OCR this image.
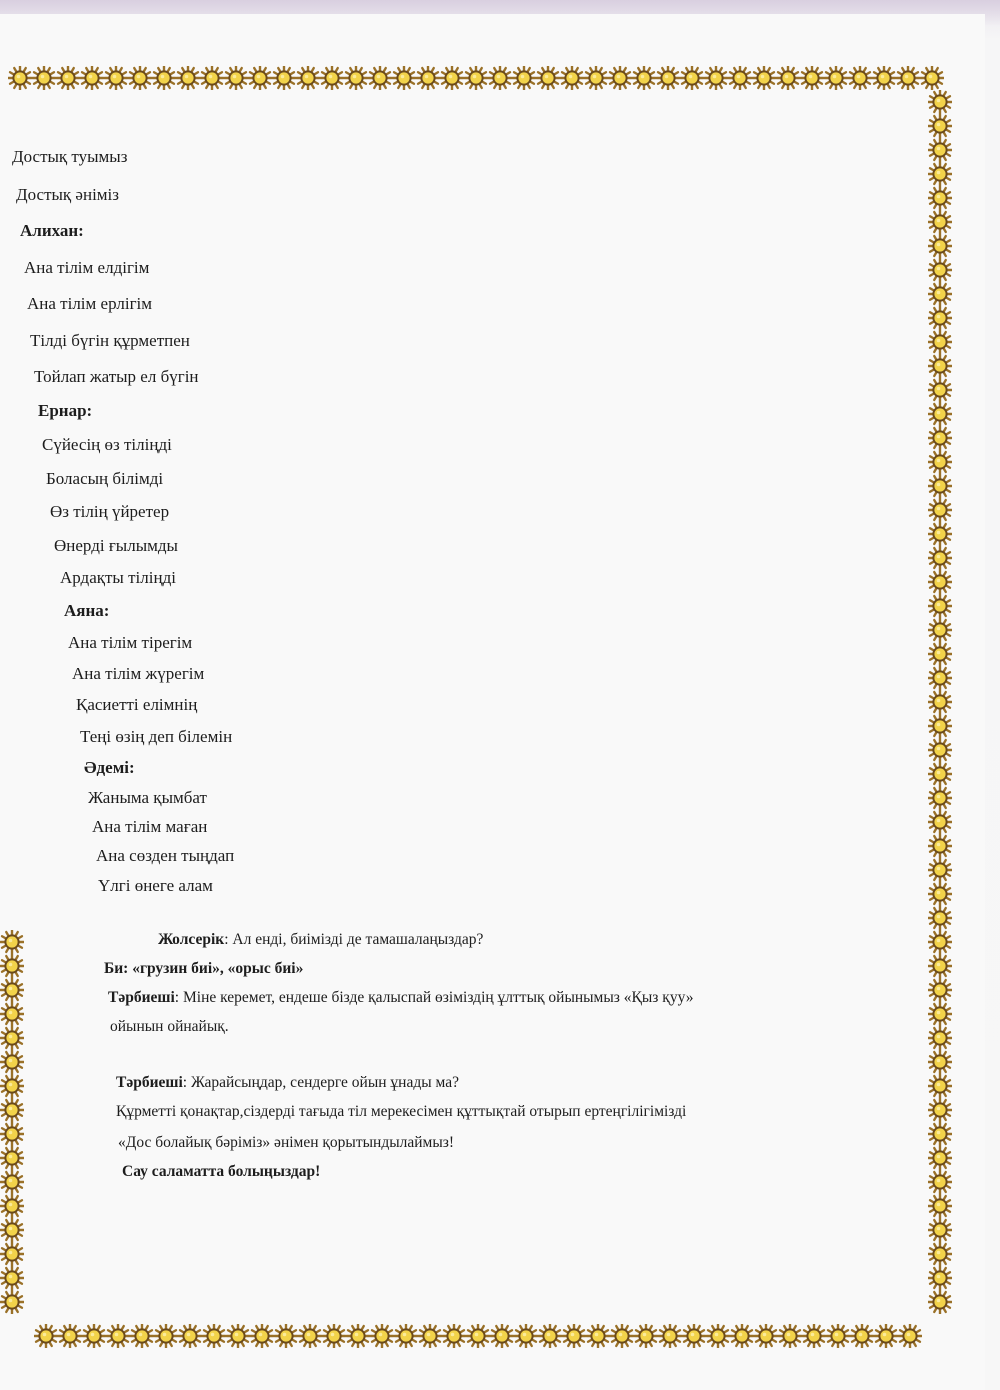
Достық туымыз
Достық әніміз
Алихан:
Ана тілім елдігім
Ана тілім ерлігім
Тілді бүгін құрметпен
Тойлап жатыр ел бүгін
Ернар:
Сүйесің өз тіліңді
Боласың білімді
Өз тілің үйретер
Өнерді ғылымды
Ардақты тіліңді
Аяна:
Ана тілім тірегім
Ана тілім жүрегім
Қасиетті елімнің
Теңі өзің деп білемін
Әдемі:
Жаныма қымбат
Ана тілім маған
Ана сөзден тыңдап
Үлгі өнеге алам
Жолсерік: Ал енді, биімізді де тамашалаңыздар?
Би: «грузин биі», «орыс биі»
Тәрбиеші: Міне керемет, ендеше бізде қалыспай өзіміздің ұлттық ойынымыз «Қыз қуу»
ойынын ойнайық.
Тәрбиеші: Жарайсыңдар, сендерге ойын ұнады ма?
Құрметті қонақтар,сіздерді тағыда тіл мерекесімен құттықтай отырып ертеңгілігімізді
«Дос болайық бәріміз» әнімен қорытындылаймыз!
Сау саламатта болыңыздар!
